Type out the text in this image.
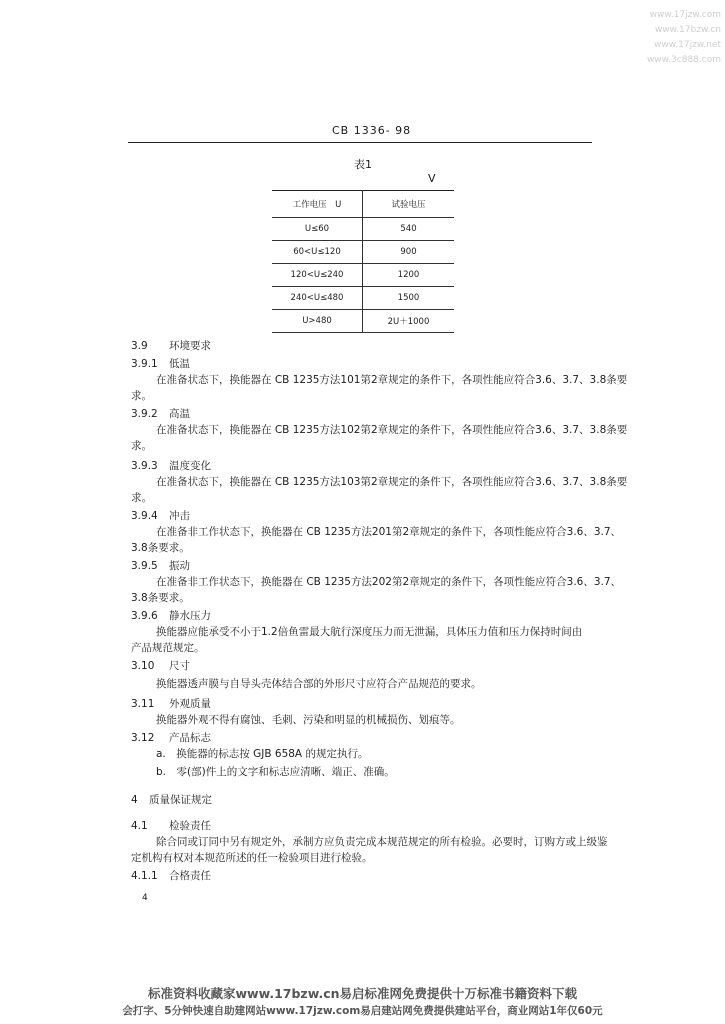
www.17jzw.com
www.17bzw.cn
www.17jzw.net
www.3c888.com
CB 1336- 98
表1
V
工作电压　U	试验电压
U≤60	540
60<U≤120	900
120<U≤240	1200
240<U≤480	1500
U>480	2U＋1000
3.9 环境要求
3.9.1 低温
在准备状态下，换能器在 CB 1235方法101第2章规定的条件下，各项性能应符合3.6、3.7、3.8条要
求。
3.9.2 高温
在准备状态下，换能器在 CB 1235方法102第2章规定的条件下，各项性能应符合3.6、3.7、3.8条要
求。
3.9.3 温度变化
在准备状态下，换能器在 CB 1235方法103第2章规定的条件下，各项性能应符合3.6、3.7、3.8条要
求。
3.9.4 冲击
在准备非工作状态下，换能器在 CB 1235方法201第2章规定的条件下，各项性能应符合3.6、3.7、
3.8条要求。
3.9.5 振动
在准备非工作状态下，换能器在 CB 1235方法202第2章规定的条件下，各项性能应符合3.6、3.7、
3.8条要求。
3.9.6 静水压力
换能器应能承受不小于1.2倍鱼雷最大航行深度压力而无泄漏，具体压力值和压力保持时间由
产品规范规定。
3.10 尺寸
换能器透声膜与自导头壳体结合部的外形尺寸应符合产品规范的要求。
3.11 外观质量
换能器外观不得有腐蚀、毛刺、污染和明显的机械损伤、划痕等。
3.12 产品标志
a.　换能器的标志按 GJB 658A 的规定执行。
b.　零(部)件上的文字和标志应清晰、端正、准确。
4 质量保证规定
4.1 检验责任
除合同或订同中另有规定外，承制方应负责完成本规范规定的所有检验。必要时，订购方或上级鉴
定机构有权对本规范所述的任一检验项目进行检验。
4.1.1 合格责任
4
标准资料收藏家www.17bzw.cn易启标准网免费提供十万标准书籍资料下载
会打字、5分钟快速自助建网站www.17jzw.com易启建站网免费提供建站平台，商业网站1年仅60元
